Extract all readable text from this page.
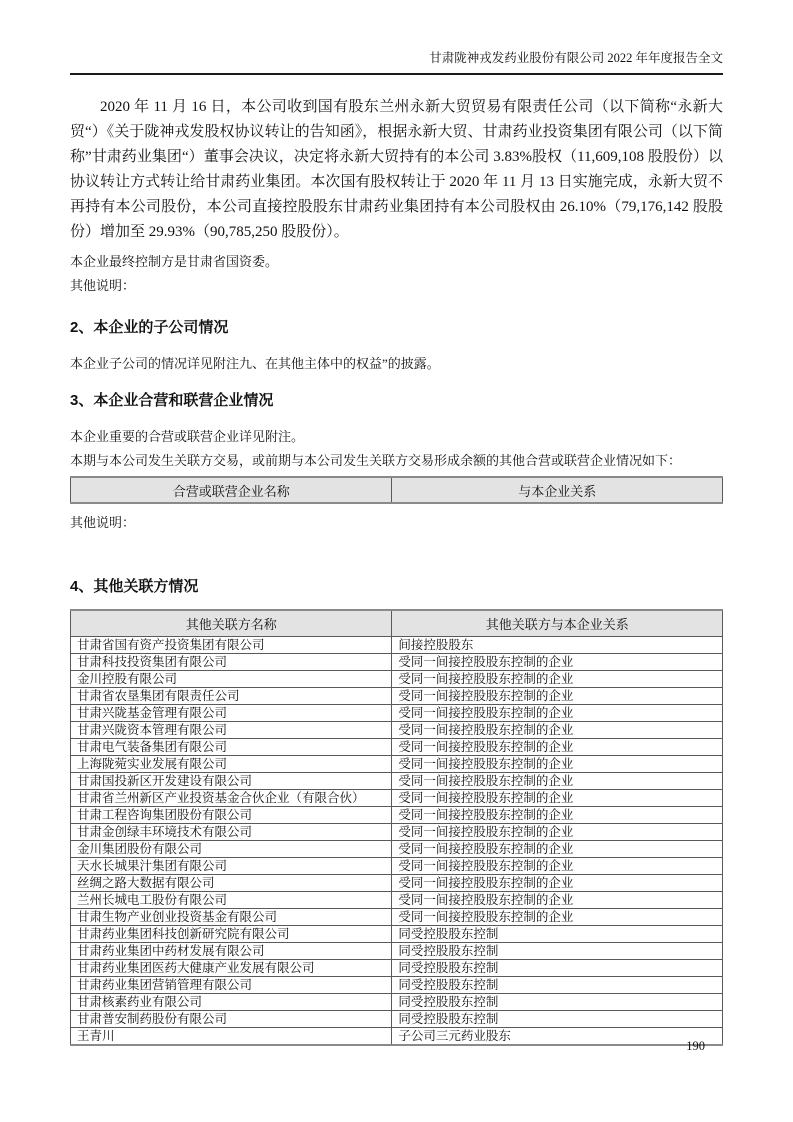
甘肃陇神戎发药业股份有限公司 2022 年年度报告全文

2020 年 11 月 16 日，本公司收到国有股东兰州永新大贸贸易有限责任公司（以下简称“永新大贸“）《关于陇神戎发股权协议转让的告知函》，根据永新大贸、甘肃药业投资集团有限公司（以下简称”甘肃药业集团“）董事会决议，决定将永新大贸持有的本公司 3.83%股权（11,609,108 股股份）以协议转让方式转让给甘肃药业集团。本次国有股权转让于 2020 年 11 月 13 日实施完成，永新大贸不再持有本公司股份，本公司直接控股股东甘肃药业集团持有本公司股权由 26.10%（79,176,142 股股份）增加至 29.93%（90,785,250 股股份）。

本企业最终控制方是甘肃省国资委。
其他说明：
2、本企业的子公司情况
本企业子公司的情况详见附注九、在其他主体中的权益”的披露。
3、本企业合营和联营企业情况
本企业重要的合营或联营企业详见附注。
本期与本公司发生关联方交易，或前期与本公司发生关联方交易形成余额的其他合营或联营企业情况如下：
合营或联营企业名称	与本企业关系
其他说明：
4、其他关联方情况
其他关联方名称	其他关联方与本企业关系
甘肃省国有资产投资集团有限公司	间接控股股东
甘肃科技投资集团有限公司	受同一间接控股股东控制的企业
金川控股有限公司	受同一间接控股股东控制的企业
甘肃省农垦集团有限责任公司	受同一间接控股股东控制的企业
甘肃兴陇基金管理有限公司	受同一间接控股股东控制的企业
甘肃兴陇资本管理有限公司	受同一间接控股股东控制的企业
甘肃电气装备集团有限公司	受同一间接控股股东控制的企业
上海陇菀实业发展有限公司	受同一间接控股股东控制的企业
甘肃国投新区开发建设有限公司	受同一间接控股股东控制的企业
甘肃省兰州新区产业投资基金合伙企业（有限合伙）	受同一间接控股股东控制的企业
甘肃工程咨询集团股份有限公司	受同一间接控股股东控制的企业
甘肃金创绿丰环境技术有限公司	受同一间接控股股东控制的企业
金川集团股份有限公司	受同一间接控股股东控制的企业
天水长城果汁集团有限公司	受同一间接控股股东控制的企业
丝绸之路大数据有限公司	受同一间接控股股东控制的企业
兰州长城电工股份有限公司	受同一间接控股股东控制的企业
甘肃生物产业创业投资基金有限公司	受同一间接控股股东控制的企业
甘肃药业集团科技创新研究院有限公司	同受控股股东控制
甘肃药业集团中药材发展有限公司	同受控股股东控制
甘肃药业集团医药大健康产业发展有限公司	同受控股股东控制
甘肃药业集团营销管理有限公司	同受控股股东控制
甘肃核素药业有限公司	同受控股股东控制
甘肃普安制药股份有限公司	同受控股股东控制
王青川	子公司三元药业股东
190
